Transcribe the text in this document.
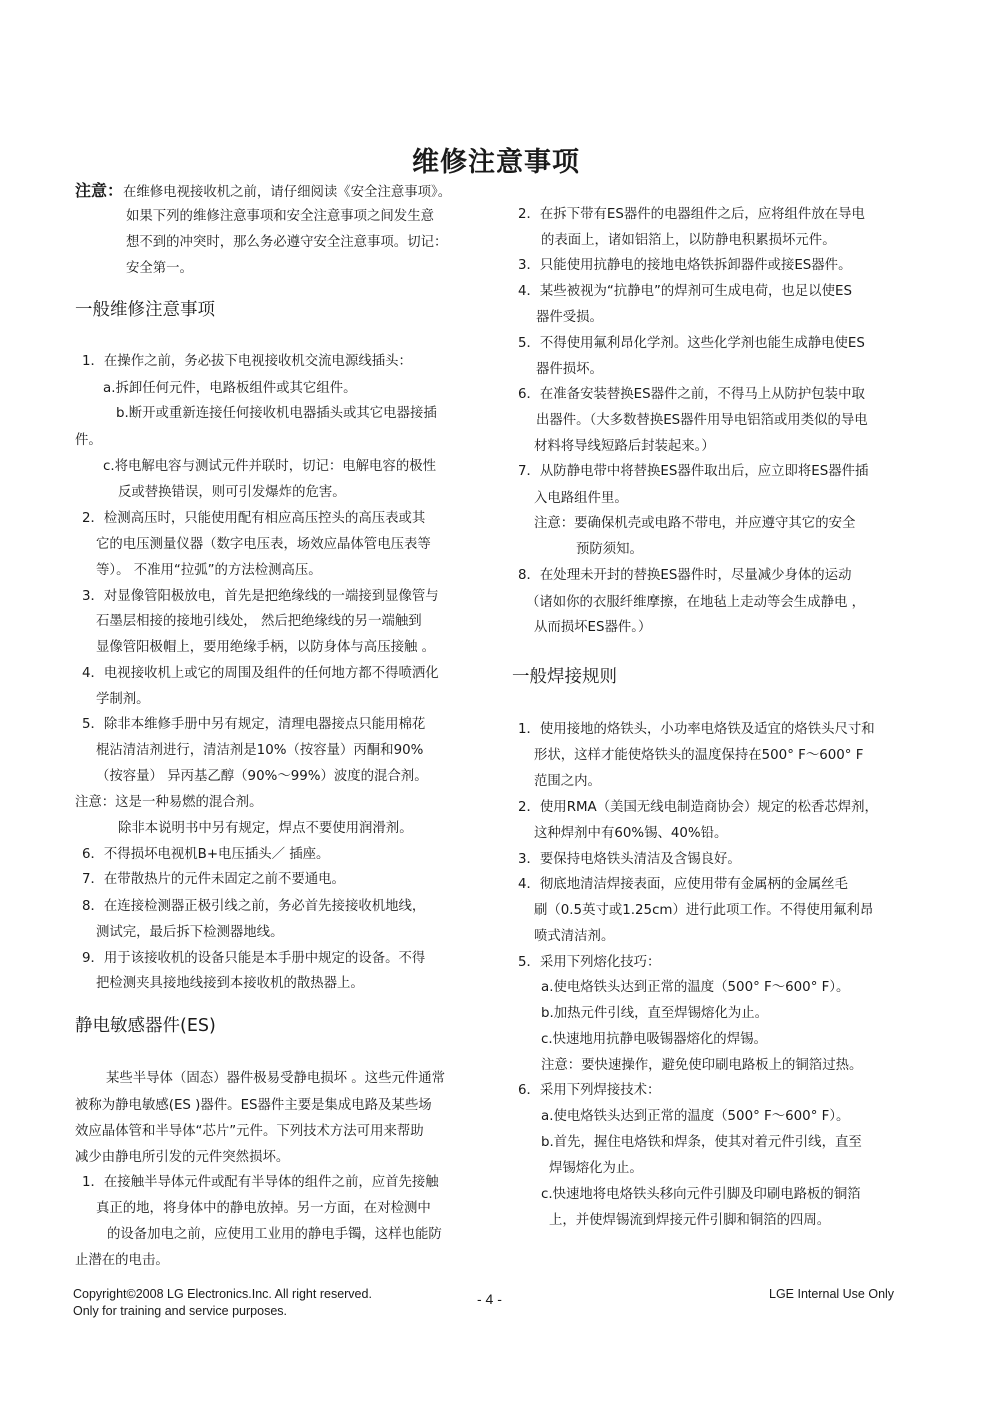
维修注意事项
注意：在维修电视接收机之前，请仔细阅读《安全注意事项》。
如果下列的维修注意事项和安全注意事项之间发生意
想不到的冲突时，那么务必遵守安全注意事项。切记：
安全第一。
一般维修注意事项
1．在操作之前，务必拔下电视接收机交流电源线插头：
a.拆卸任何元件，电路板组件或其它组件。
b.断开或重新连接任何接收机电器插头或其它电器接插
件。
c.将电解电容与测试元件并联时，切记：电解电容的极性
反或替换错误，则可引发爆炸的危害。
2．检测高压时，只能使用配有相应高压控头的高压表或其
它的电压测量仪器（数字电压表，场效应晶体管电压表等
等）。 不准用“拉弧”的方法检测高压。
3．对显像管阳极放电，首先是把绝缘线的一端接到显像管与
石墨层相接的接地引线处， 然后把绝缘线的另一端触到
显像管阳极帽上，要用绝缘手柄，以防身体与高压接触 。
4．电视接收机上或它的周围及组件的任何地方都不得喷洒化
学制剂。
5．除非本维修手册中另有规定，清理电器接点只能用棉花
棍沾清洁剂进行，清洁剂是10%（按容量）丙酮和90%
（按容量） 异丙基乙醇（90%～99%）波度的混合剂。
注意：这是一种易燃的混合剂。
除非本说明书中另有规定，焊点不要使用润滑剂。
6．不得损坏电视机B+电压插头／ 插座。
7．在带散热片的元件未固定之前不要通电。
8．在连接检测器正极引线之前，务必首先接接收机地线，
测试完，最后拆下检测器地线。
9．用于该接收机的设备只能是本手册中规定的设备。不得
把检测夹具接地线接到本接收机的散热器上。
静电敏感器件(ES)
某些半导体（固态）器件极易受静电损坏 。这些元件通常
被称为静电敏感(ES )器件。ES器件主要是集成电路及某些场
效应晶体管和半导体“芯片”元件。下列技术方法可用来帮助
减少由静电所引发的元件突然损坏。
1．在接触半导体元件或配有半导体的组件之前，应首先接触
真正的地，将身体中的静电放掉。另一方面，在对检测中
的设备加电之前，应使用工业用的静电手镯，这样也能防
止潜在的电击。
2．在拆下带有ES器件的电器组件之后，应将组件放在导电
的表面上，诸如铝箔上，以防静电积累损坏元件。
3．只能使用抗静电的接地电烙铁拆卸器件或接ES器件。
4．某些被视为“抗静电”的焊剂可生成电荷，也足以使ES
器件受损。
5．不得使用氟利昂化学剂。这些化学剂也能生成静电使ES
器件损坏。
6．在准备安装替换ES器件之前，不得马上从防护包装中取
出器件。（大多数替换ES器件用导电铝箔或用类似的导电
材料将导线短路后封装起来。）
7．从防静电带中将替换ES器件取出后，应立即将ES器件插
入电路组件里。
注意：要确保机壳或电路不带电，并应遵守其它的安全
预防须知。
8．在处理未开封的替换ES器件时，尽量减少身体的运动
（诸如你的衣服纤维摩擦，在地毡上走动等会生成静电 ，
从而损坏ES器件。）
一般焊接规则
1．使用接地的烙铁头，小功率电烙铁及适宜的烙铁头尺寸和
形状，这样才能使烙铁头的温度保持在500° F～600° F
范围之内。
2．使用RMA（美国无线电制造商协会）规定的松香芯焊剂，
这种焊剂中有60%锡、40%铅。
3．要保持电烙铁头清洁及含锡良好。
4．彻底地清洁焊接表面，应使用带有金属柄的金属丝毛
刷（0.5英寸或1.25cm）进行此项工作。不得使用氟利昂
喷式清洁剂。
5．采用下列熔化技巧：
a.使电烙铁头达到正常的温度（500° F～600° F）。
b.加热元件引线，直至焊锡熔化为止。
c.快速地用抗静电吸锡器熔化的焊锡。
注意：要快速操作，避免使印刷电路板上的铜箔过热。
6．采用下列焊接技术：
a.使电烙铁头达到正常的温度（500° F～600° F）。
b.首先，握住电烙铁和焊条，使其对着元件引线，直至
焊锡熔化为止。
c.快速地将电烙铁头移向元件引脚及印刷电路板的铜箔
上，并使焊锡流到焊接元件引脚和铜箔的四周。
Copyright©2008 LG Electronics.Inc. All right reserved.
Only for training and service purposes.
- 4 -	LGE Internal Use Only
